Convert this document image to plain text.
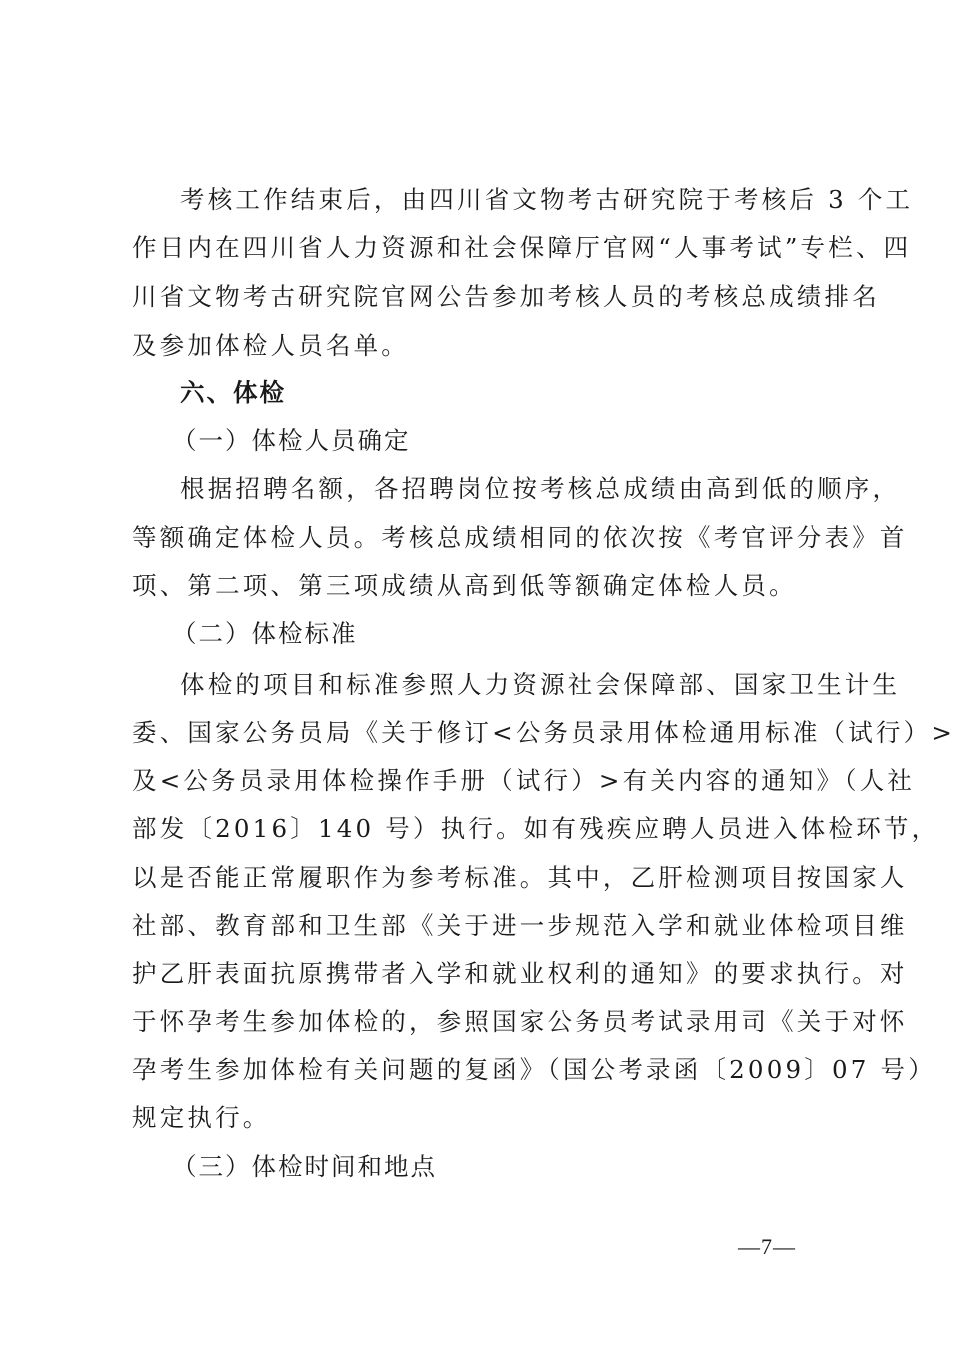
考核工作结束后，由四川省文物考古研究院于考核后 3 个工
作日内在四川省人力资源和社会保障厅官网“人事考试”专栏、四
川省文物考古研究院官网公告参加考核人员的考核总成绩排名
及参加体检人员名单。
六、体检
（一）体检人员确定
根据招聘名额，各招聘岗位按考核总成绩由高到低的顺序，
等额确定体检人员。考核总成绩相同的依次按《考官评分表》首
项、第二项、第三项成绩从高到低等额确定体检人员。
（二）体检标准
体检的项目和标准参照人力资源社会保障部、国家卫生计生
委、国家公务员局《关于修订<公务员录用体检通用标准（试行）>
及<公务员录用体检操作手册（试行）>有关内容的通知》（人社
部发〔2016〕140 号）执行。如有残疾应聘人员进入体检环节，
以是否能正常履职作为参考标准。其中，乙肝检测项目按国家人
社部、教育部和卫生部《关于进一步规范入学和就业体检项目维
护乙肝表面抗原携带者入学和就业权利的通知》的要求执行。对
于怀孕考生参加体检的，参照国家公务员考试录用司《关于对怀
孕考生参加体检有关问题的复函》（国公考录函〔2009〕07 号）
规定执行。
（三）体检时间和地点
—7—
